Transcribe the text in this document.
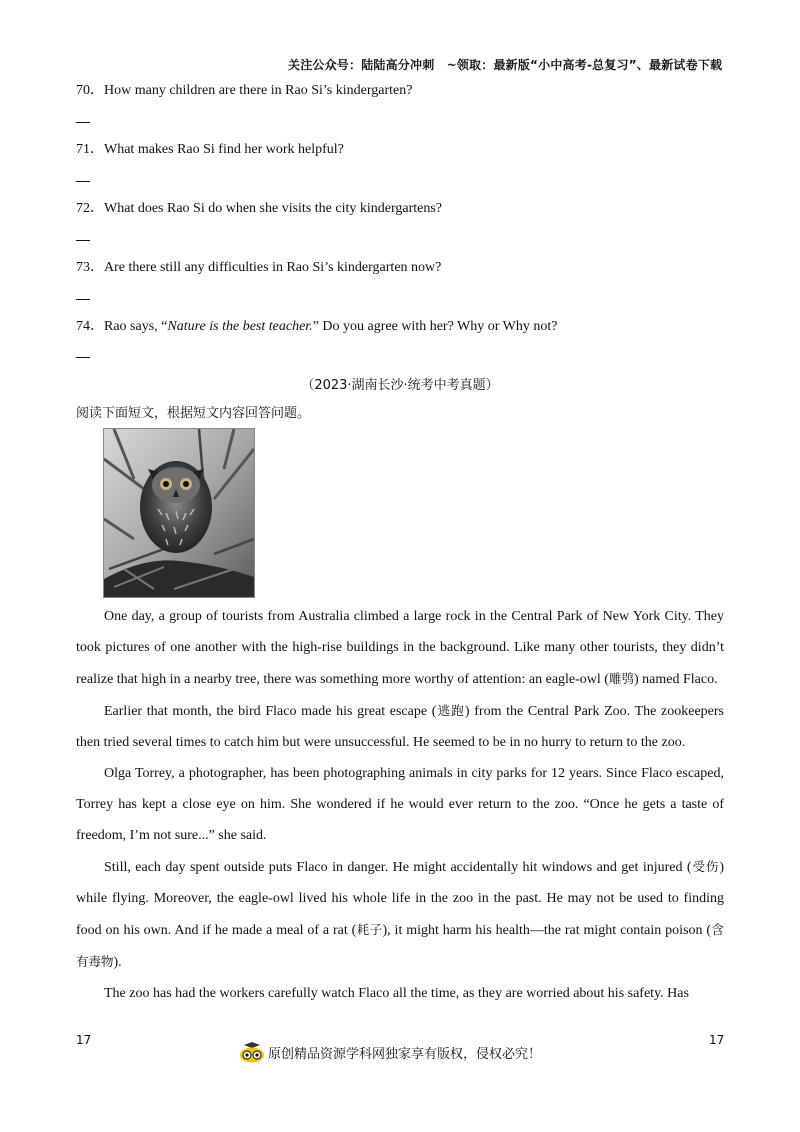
关注公众号：陆陆高分冲刺　~领取：最新版“小中高考-总复习”、最新试卷下载
70．How many children are there in Rao Si’s kindergarten?
71．What makes Rao Si find her work helpful?
72．What does Rao Si do when she visits the city kindergartens?
73．Are there still any difficulties in Rao Si’s kindergarten now?
74．Rao says, “Nature is the best teacher.” Do you agree with her? Why or Why not?
（2023·湖南长沙·统考中考真题）
阅读下面短文，根据短文内容回答问题。

One day, a group of tourists from Australia climbed a large rock in the Central Park of New York City. They took pictures of one another with the high-rise buildings in the background. Like many other tourists, they didn’t realize that high in a nearby tree, there was something more worthy of attention: an eagle-owl (雕鸮) named Flaco.

Earlier that month, the bird Flaco made his great escape (逃跑) from the Central Park Zoo. The zookeepers then tried several times to catch him but were unsuccessful. He seemed to be in no hurry to return to the zoo.

Olga Torrey, a photographer, has been photographing animals in city parks for 12 years. Since Flaco escaped, Torrey has kept a close eye on him. She wondered if he would ever return to the zoo. “Once he gets a taste of freedom, I’m not sure...” she said.

Still, each day spent outside puts Flaco in danger. He might accidentally hit windows and get injured (受伤) while flying. Moreover, the eagle-owl lived his whole life in the zoo in the past. He may not be used to finding food on his own. And if he made a meal of a rat (耗子), it might harm his health—the rat might contain poison (含有毒物).

The zoo has had the workers carefully watch Flaco all the time, as they are worried about his safety. Has

17	17
原创精品资源学科网独家享有版权，侵权必究！
